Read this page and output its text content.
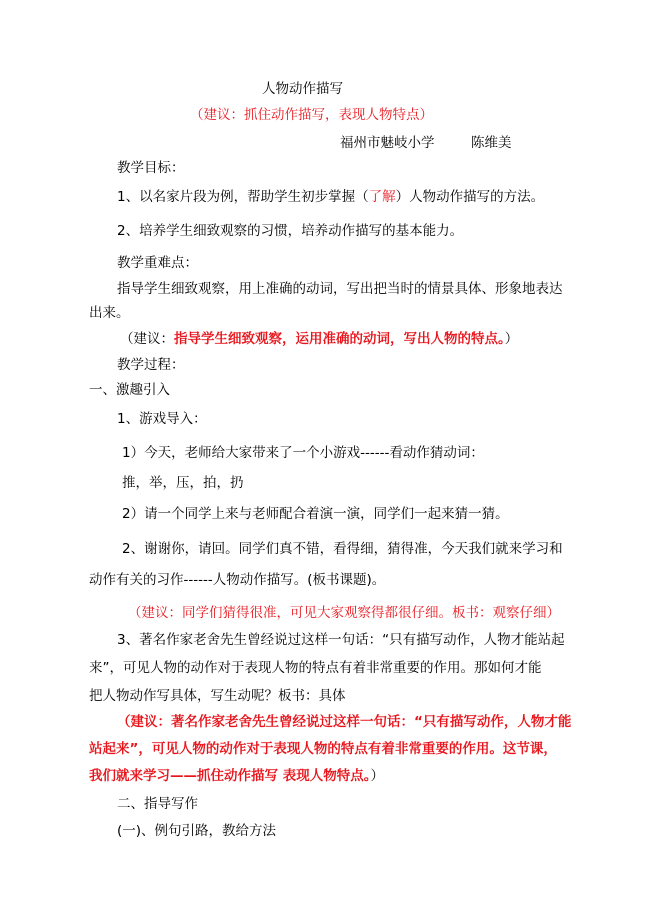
人物动作描写
（建议：抓住动作描写，表现人物特点）
福州市魅岐小学	陈维美
教学目标：
1、以名家片段为例，帮助学生初步掌握（了解）人物动作描写的方法。
2、培养学生细致观察的习惯，培养动作描写的基本能力。
教学重难点：
指导学生细致观察，用上准确的动词，写出把当时的情景具体、形象地表达
出来。
（建议：指导学生细致观察，运用准确的动词，写出人物的特点。）
教学过程：
一、激趣引入
1、游戏导入：
1）今天，老师给大家带来了一个小游戏------看动作猜动词：
推，举，压，拍，扔
2）请一个同学上来与老师配合着演一演，同学们一起来猜一猜。
2、谢谢你，请回。同学们真不错，看得细，猜得准，今天我们就来学习和
动作有关的习作------人物动作描写。(板书课题)。
（建议：同学们猜得很准，可见大家观察得都很仔细。板书：观察仔细）
3、著名作家老舍先生曾经说过这样一句话：“只有描写动作，人物才能站起
来”，可见人物的动作对于表现人物的特点有着非常重要的作用。那如何才能
把人物动作写具体，写生动呢？板书：具体
（建议：著名作家老舍先生曾经说过这样一句话：“只有描写动作，人物才能
站起来”，可见人物的动作对于表现人物的特点有着非常重要的作用。这节课，
我们就来学习——抓住动作描写 表现人物特点。）
二、指导写作
(一)、例句引路，教给方法
